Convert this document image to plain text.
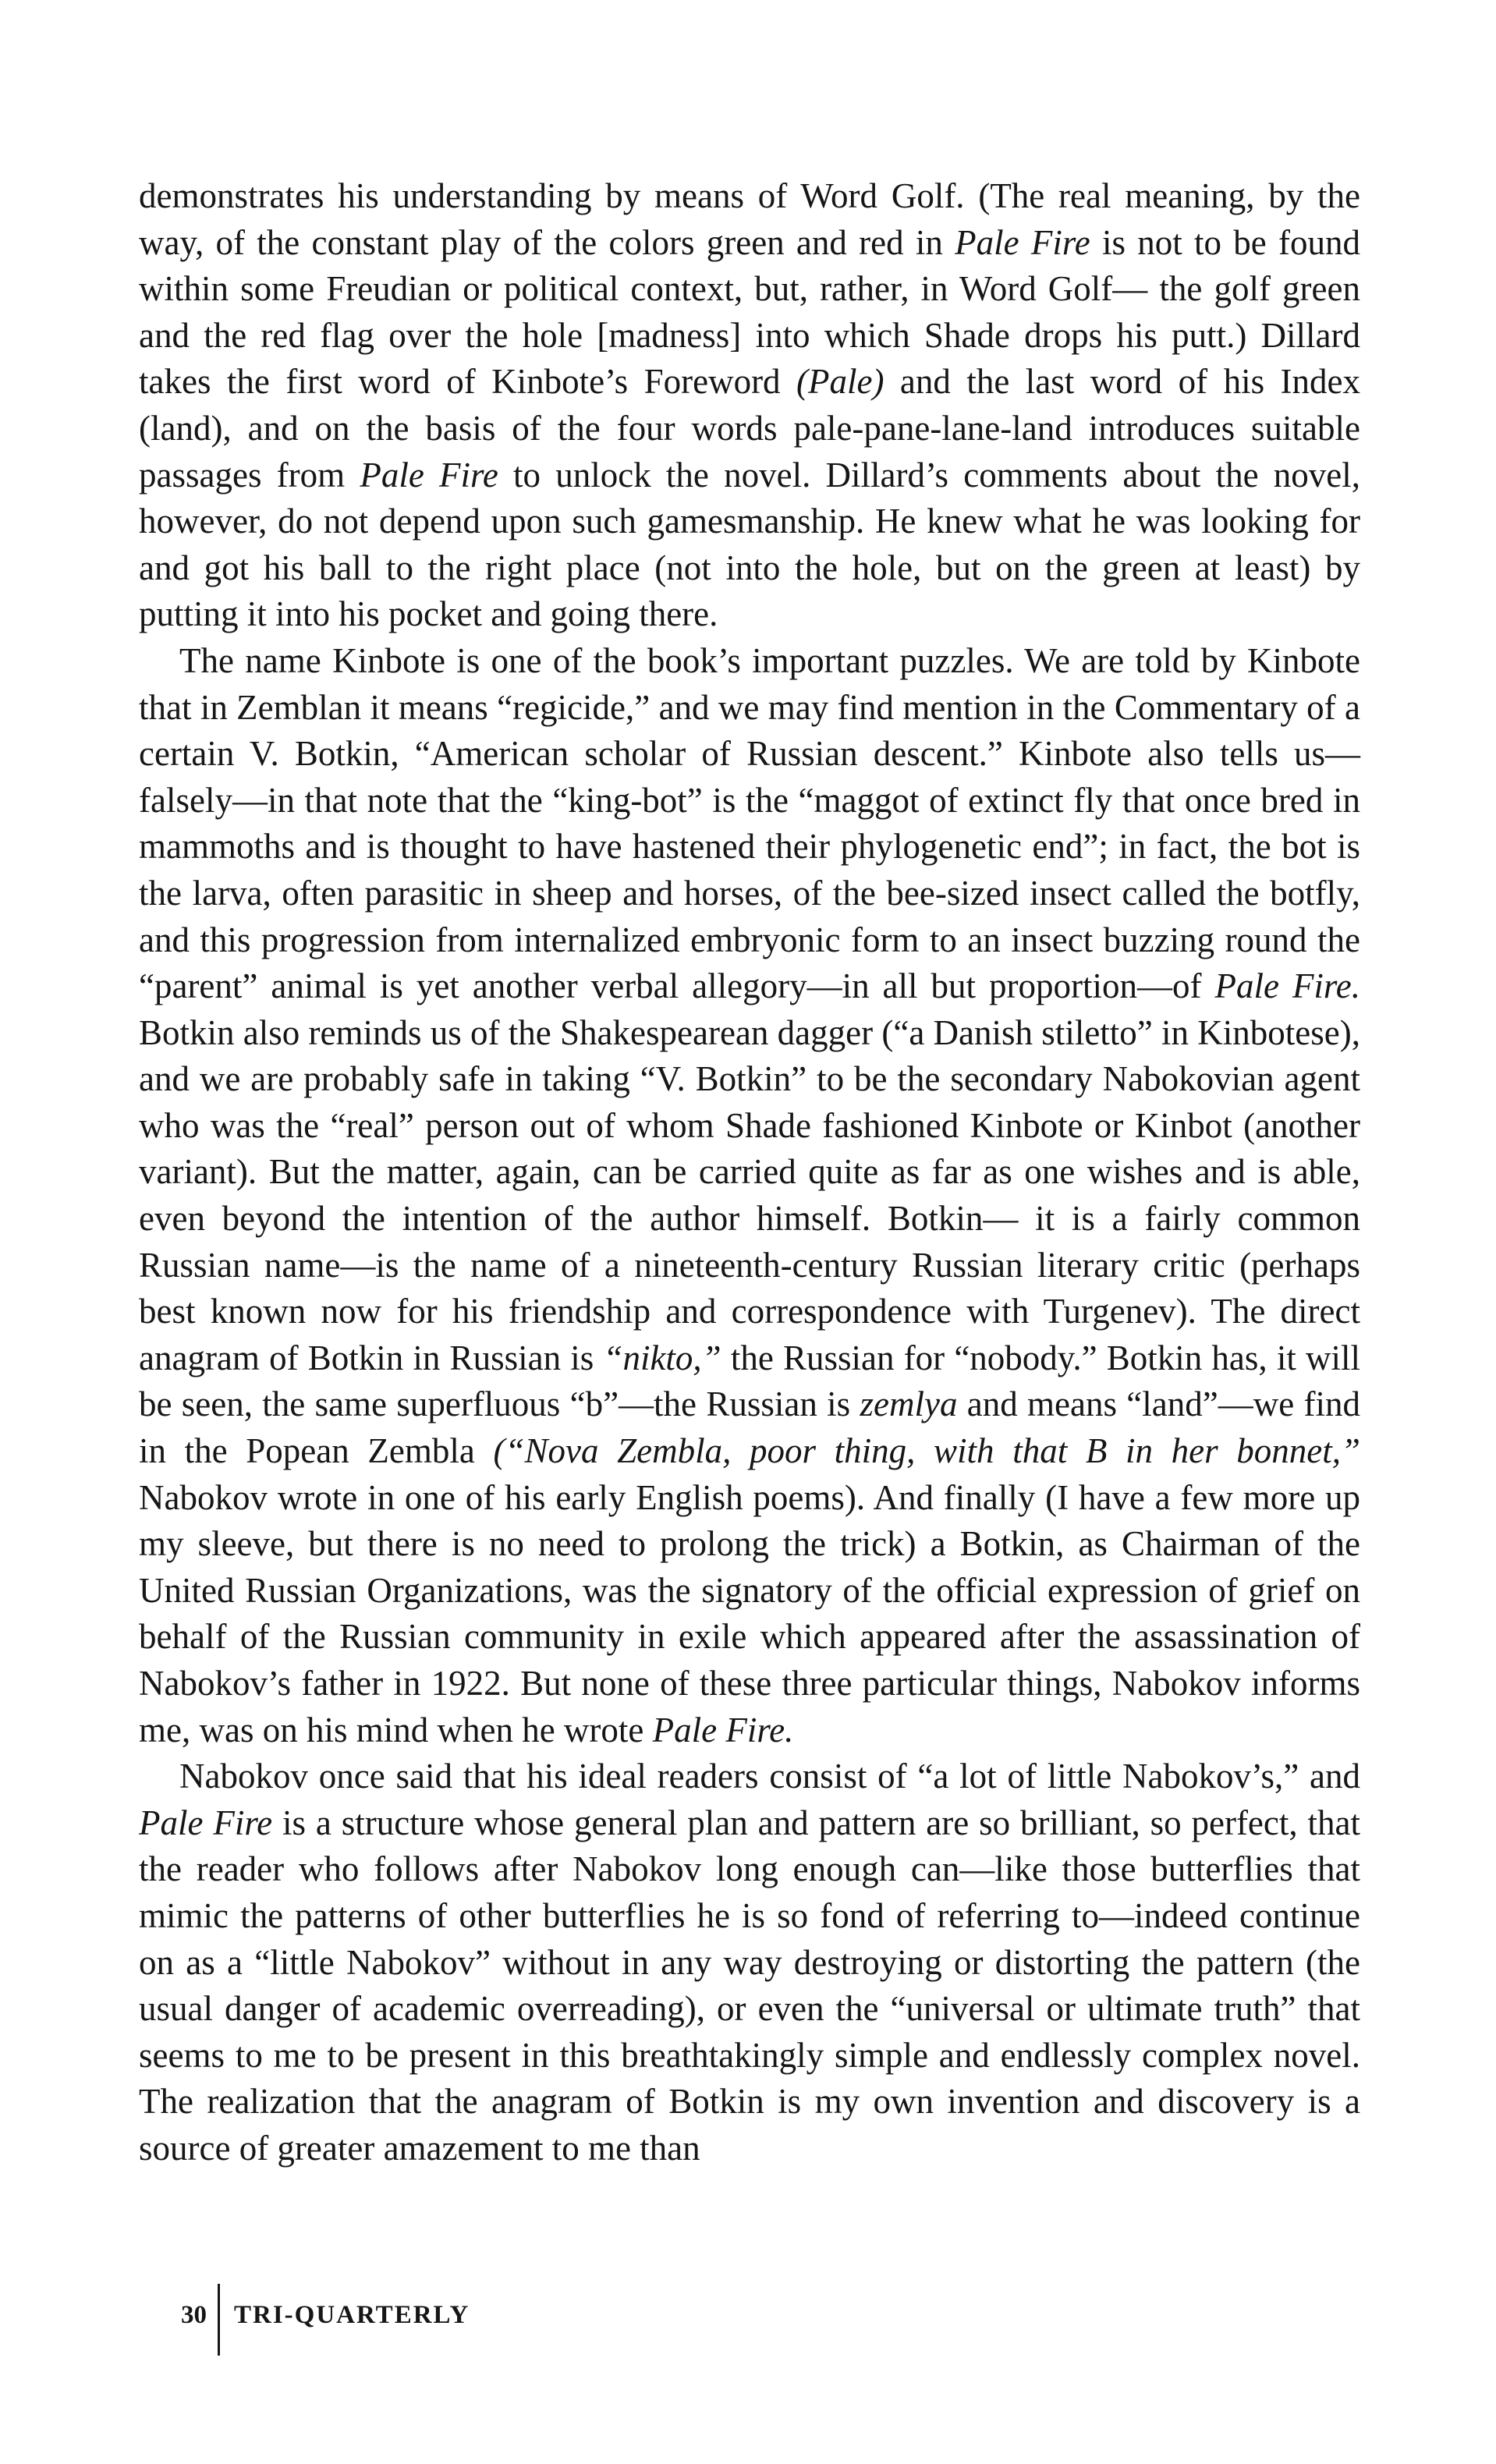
demonstrates his understanding by means of Word Golf. (The real meaning, by the way, of the constant play of the colors green and red in Pale Fire is not to be found within some Freudian or political context, but, rather, in Word Golf— the golf green and the red flag over the hole [madness] into which Shade drops his putt.) Dillard takes the first word of Kinbote’s Foreword (Pale) and the last word of his Index (land), and on the basis of the four words pale-pane-lane-land introduces suitable passages from Pale Fire to unlock the novel. Dillard’s comments about the novel, however, do not depend upon such gamesmanship. He knew what he was looking for and got his ball to the right place (not into the hole, but on the green at least) by putting it into his pocket and going there.

The name Kinbote is one of the book’s important puzzles. We are told by Kinbote that in Zemblan it means “regicide,” and we may find mention in the Commentary of a certain V. Botkin, “American scholar of Russian descent.” Kinbote also tells us—falsely—in that note that the “king-bot” is the “maggot of extinct fly that once bred in mammoths and is thought to have hastened their phylogenetic end”; in fact, the bot is the larva, often parasitic in sheep and horses, of the bee-sized insect called the botfly, and this progression from internalized embryonic form to an insect buzzing round the “parent” animal is yet another verbal allegory—in all but proportion—of Pale Fire. Botkin also reminds us of the Shakespearean dagger (“a Danish stiletto” in Kinbotese), and we are probably safe in taking “V. Botkin” to be the secondary Nabokovian agent who was the “real” person out of whom Shade fashioned Kinbote or Kinbot (another variant). But the matter, again, can be carried quite as far as one wishes and is able, even beyond the intention of the author himself. Botkin— it is a fairly common Russian name—is the name of a nineteenth-century Russian literary critic (perhaps best known now for his friendship and correspondence with Turgenev). The direct anagram of Botkin in Russian is “nikto,” the Russian for “nobody.” Botkin has, it will be seen, the same superfluous “b”—the Russian is zemlya and means “land”—we find in the Popean Zembla (“Nova Zembla, poor thing, with that B in her bonnet,” Nabokov wrote in one of his early English poems). And finally (I have a few more up my sleeve, but there is no need to prolong the trick) a Botkin, as Chairman of the United Russian Organizations, was the signatory of the official expression of grief on behalf of the Russian community in exile which appeared after the assassination of Nabokov’s father in 1922. But none of these three particular things, Nabokov informs me, was on his mind when he wrote Pale Fire.

Nabokov once said that his ideal readers consist of “a lot of little Nabokov’s,” and Pale Fire is a structure whose general plan and pattern are so brilliant, so perfect, that the reader who follows after Nabokov long enough can—like those butterflies that mimic the patterns of other butterflies he is so fond of referring to—indeed continue on as a “little Nabokov” without in any way destroying or distorting the pattern (the usual danger of academic overreading), or even the “universal or ultimate truth” that seems to me to be present in this breathtakingly simple and endlessly complex novel. The realization that the anagram of Botkin is my own invention and discovery is a source of greater amazement to me than

30	TRI-QUARTERLY
